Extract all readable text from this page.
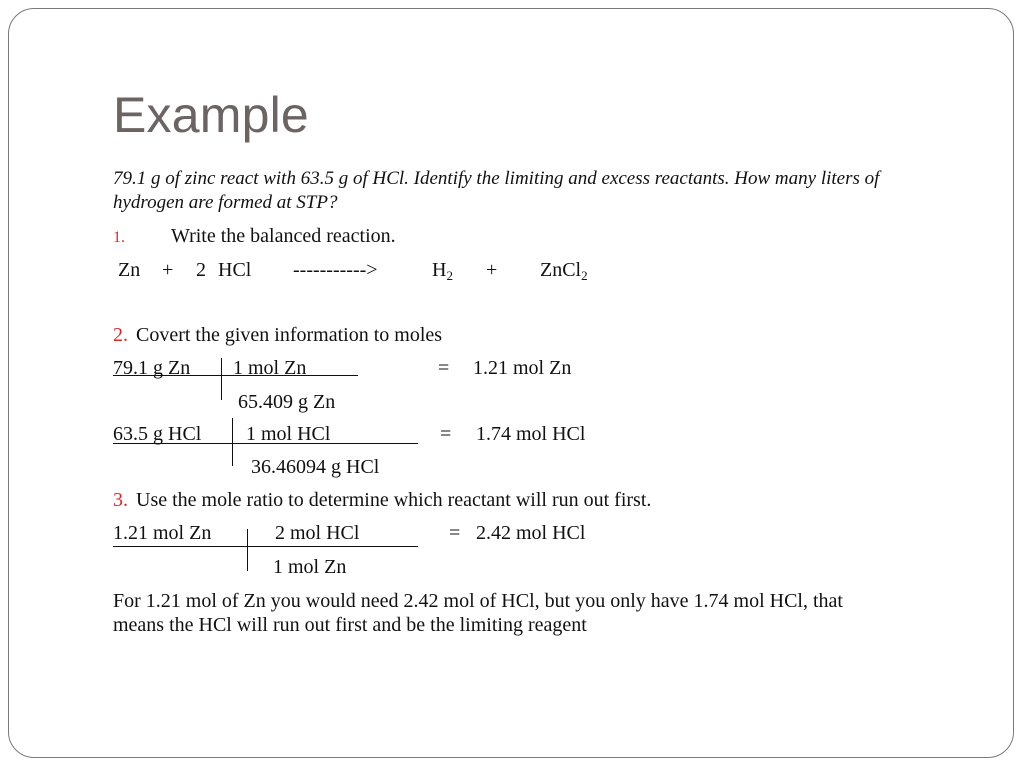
Example
79.1 g of zinc react with 63.5 g of HCl. Identify the limiting and excess reactants. How many liters of
hydrogen are formed at STP?
1. Write the balanced reaction.
Zn + 2 HCl ----------->	$H_2$ + ZnCl$_2$
2. Covert the given information to moles
79.1 g Zn 1 mol Zn
65.409 g Zn
= 1.21 mol Zn
63.5 g HCl 1 mol HCl
36.46094 g HCl
= 1.74 mol HCl
3. Use the mole ratio to determine which reactant will run out first.
1.21 mol Zn	2 mol HCl
1 mol Zn
= 2.42 mol HCl
For 1.21 mol of Zn you would need 2.42 mol of HCl, but you only have 1.74 mol HCl, that
means the HCl will run out first and be the limiting reagent
